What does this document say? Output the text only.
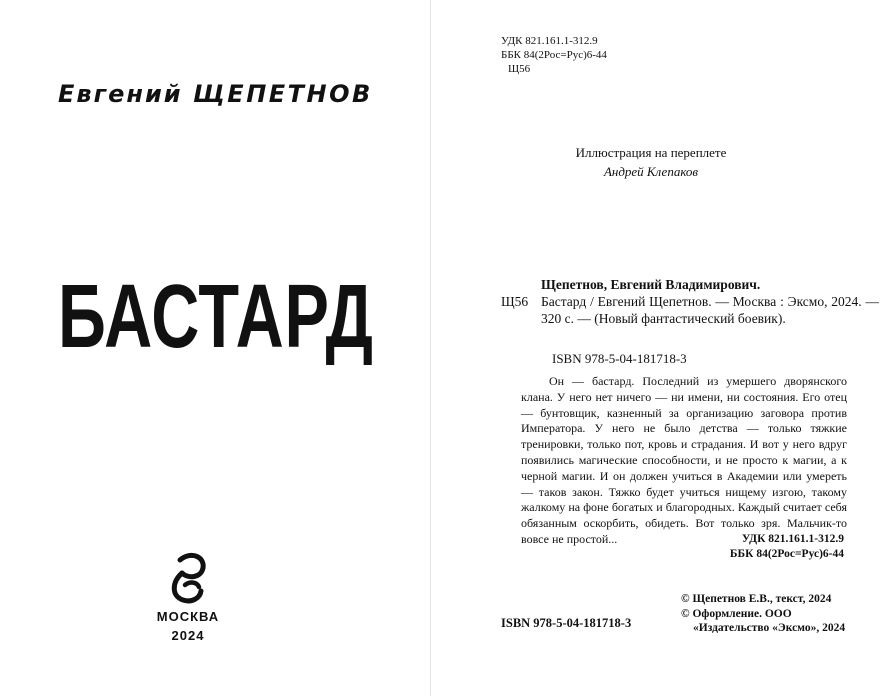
Евгений ЩЕПЕТНОВ
БАСТАРД
МОСКВА
2024
УДК 821.161.1-312.9
ББК 84(2Рос=Рус)6-44
Щ56
Иллюстрация на переплете
Андрей Клепаков
Щепетнов, Евгений Владимирович.
Щ56 Бастард / Евгений Щепетнов. — Москва : Эксмо, 2024. — 320 с. — (Новый фантастический боевик).
ISBN 978-5-04-181718-3
Он — бастард. Последний из умершего дворянского клана. У него нет ничего — ни имени, ни состояния. Его отец — бунтовщик, казненный за организацию заговора против Императора. У него не было детства — только тяжкие тренировки, только пот, кровь и страдания. И вот у него вдруг появились магические способности, и не просто к магии, а к черной магии. И он должен учиться в Академии или умереть — таков закон. Тяжко будет учиться нищему изгою, такому жалкому на фоне богатых и благородных. Каждый считает себя обязанным оскорбить, обидеть. Вот только зря. Мальчик-то вовсе не простой...	УДК 821.161.1-312.9
ББК 84(2Рос=Рус)6-44
ISBN 978-5-04-181718-3
© Щепетнов Е.В., текст, 2024
© Оформление. ООО
«Издательство «Эксмо», 2024
